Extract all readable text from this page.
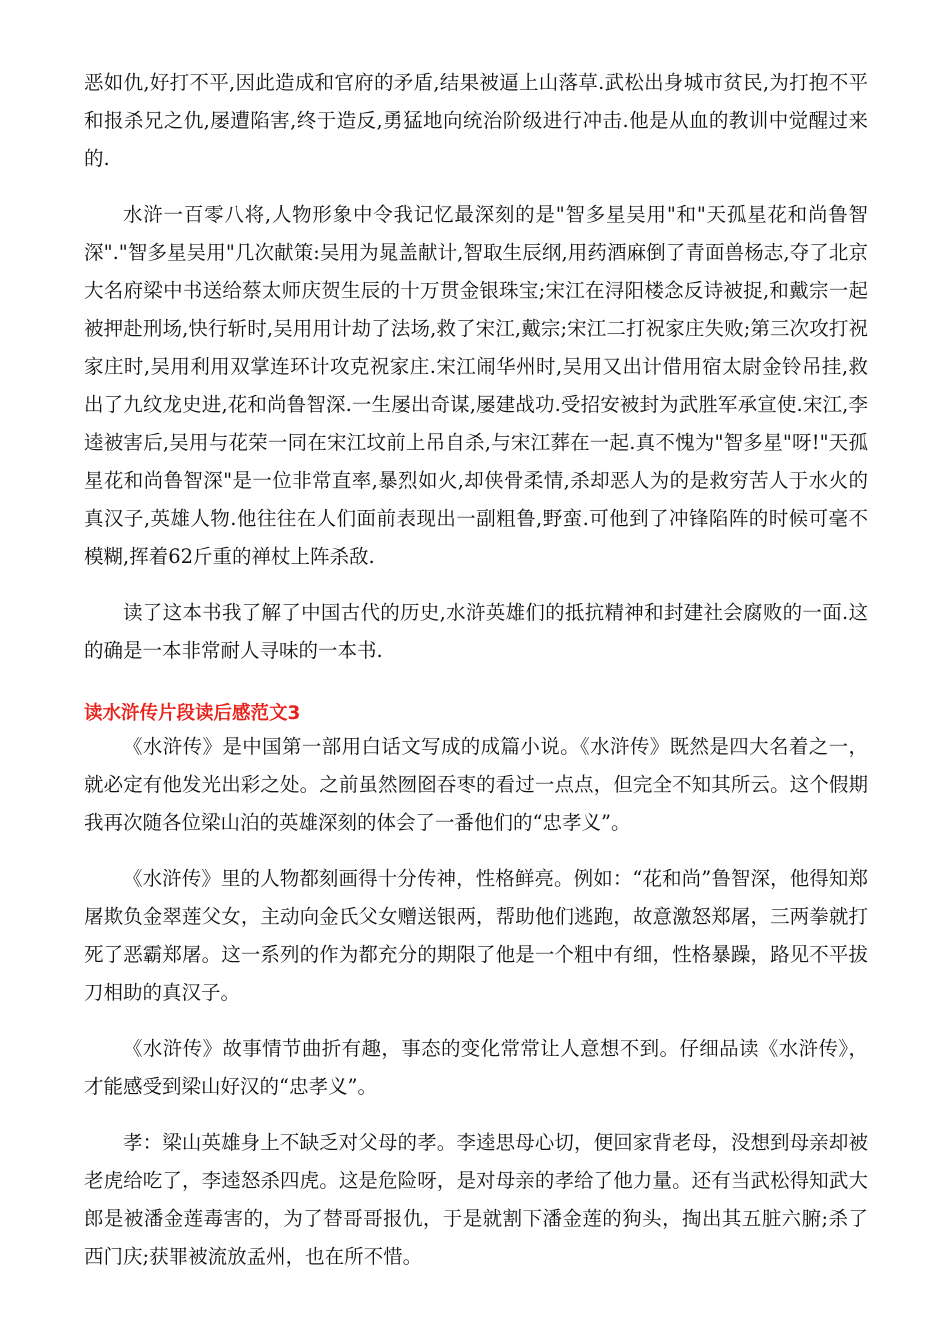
恶如仇,好打不平,因此造成和官府的矛盾,结果被逼上山落草.武松出身城市贫民,为打抱不平和报杀兄之仇,屡遭陷害,终于造反,勇猛地向统治阶级进行冲击.他是从血的教训中觉醒过来的.

水浒一百零八将,人物形象中令我记忆最深刻的是"智多星吴用"和"天孤星花和尚鲁智深"."智多星吴用"几次献策:吴用为晁盖献计,智取生辰纲,用药酒麻倒了青面兽杨志,夺了北京大名府梁中书送给蔡太师庆贺生辰的十万贯金银珠宝;宋江在浔阳楼念反诗被捉,和戴宗一起被押赴刑场,快行斩时,吴用用计劫了法场,救了宋江,戴宗;宋江二打祝家庄失败;第三次攻打祝家庄时,吴用利用双掌连环计攻克祝家庄.宋江闹华州时,吴用又出计借用宿太尉金铃吊挂,救出了九纹龙史进,花和尚鲁智深.一生屡出奇谋,屡建战功.受招安被封为武胜军承宣使.宋江,李逵被害后,吴用与花荣一同在宋江坟前上吊自杀,与宋江葬在一起.真不愧为"智多星"呀!"天孤星花和尚鲁智深"是一位非常直率,暴烈如火,却侠骨柔情,杀却恶人为的是救穷苦人于水火的真汉子,英雄人物.他往往在人们面前表现出一副粗鲁,野蛮.可他到了冲锋陷阵的时候可毫不模糊,挥着62斤重的禅杖上阵杀敌.

读了这本书我了解了中国古代的历史,水浒英雄们的抵抗精神和封建社会腐败的一面.这的确是一本非常耐人寻味的一本书.

读水浒传片段读后感范文3

《水浒传》是中国第一部用白话文写成的成篇小说。《水浒传》既然是四大名着之一，就必定有他发光出彩之处。之前虽然囫囵吞枣的看过一点点，但完全不知其所云。这个假期我再次随各位梁山泊的英雄深刻的体会了一番他们的“忠孝义”。

《水浒传》里的人物都刻画得十分传神，性格鲜亮。例如：“花和尚”鲁智深，他得知郑屠欺负金翠莲父女，主动向金氏父女赠送银两，帮助他们逃跑，故意激怒郑屠，三两拳就打死了恶霸郑屠。这一系列的作为都充分的期限了他是一个粗中有细，性格暴躁，路见不平拔刀相助的真汉子。

《水浒传》故事情节曲折有趣，事态的变化常常让人意想不到。仔细品读《水浒传》，才能感受到梁山好汉的“忠孝义”。

孝：梁山英雄身上不缺乏对父母的孝。李逵思母心切，便回家背老母，没想到母亲却被老虎给吃了，李逵怒杀四虎。这是危险呀，是对母亲的孝给了他力量。还有当武松得知武大郎是被潘金莲毒害的，为了替哥哥报仇，于是就割下潘金莲的狗头，掏出其五脏六腑;杀了西门庆;获罪被流放孟州，也在所不惜。
